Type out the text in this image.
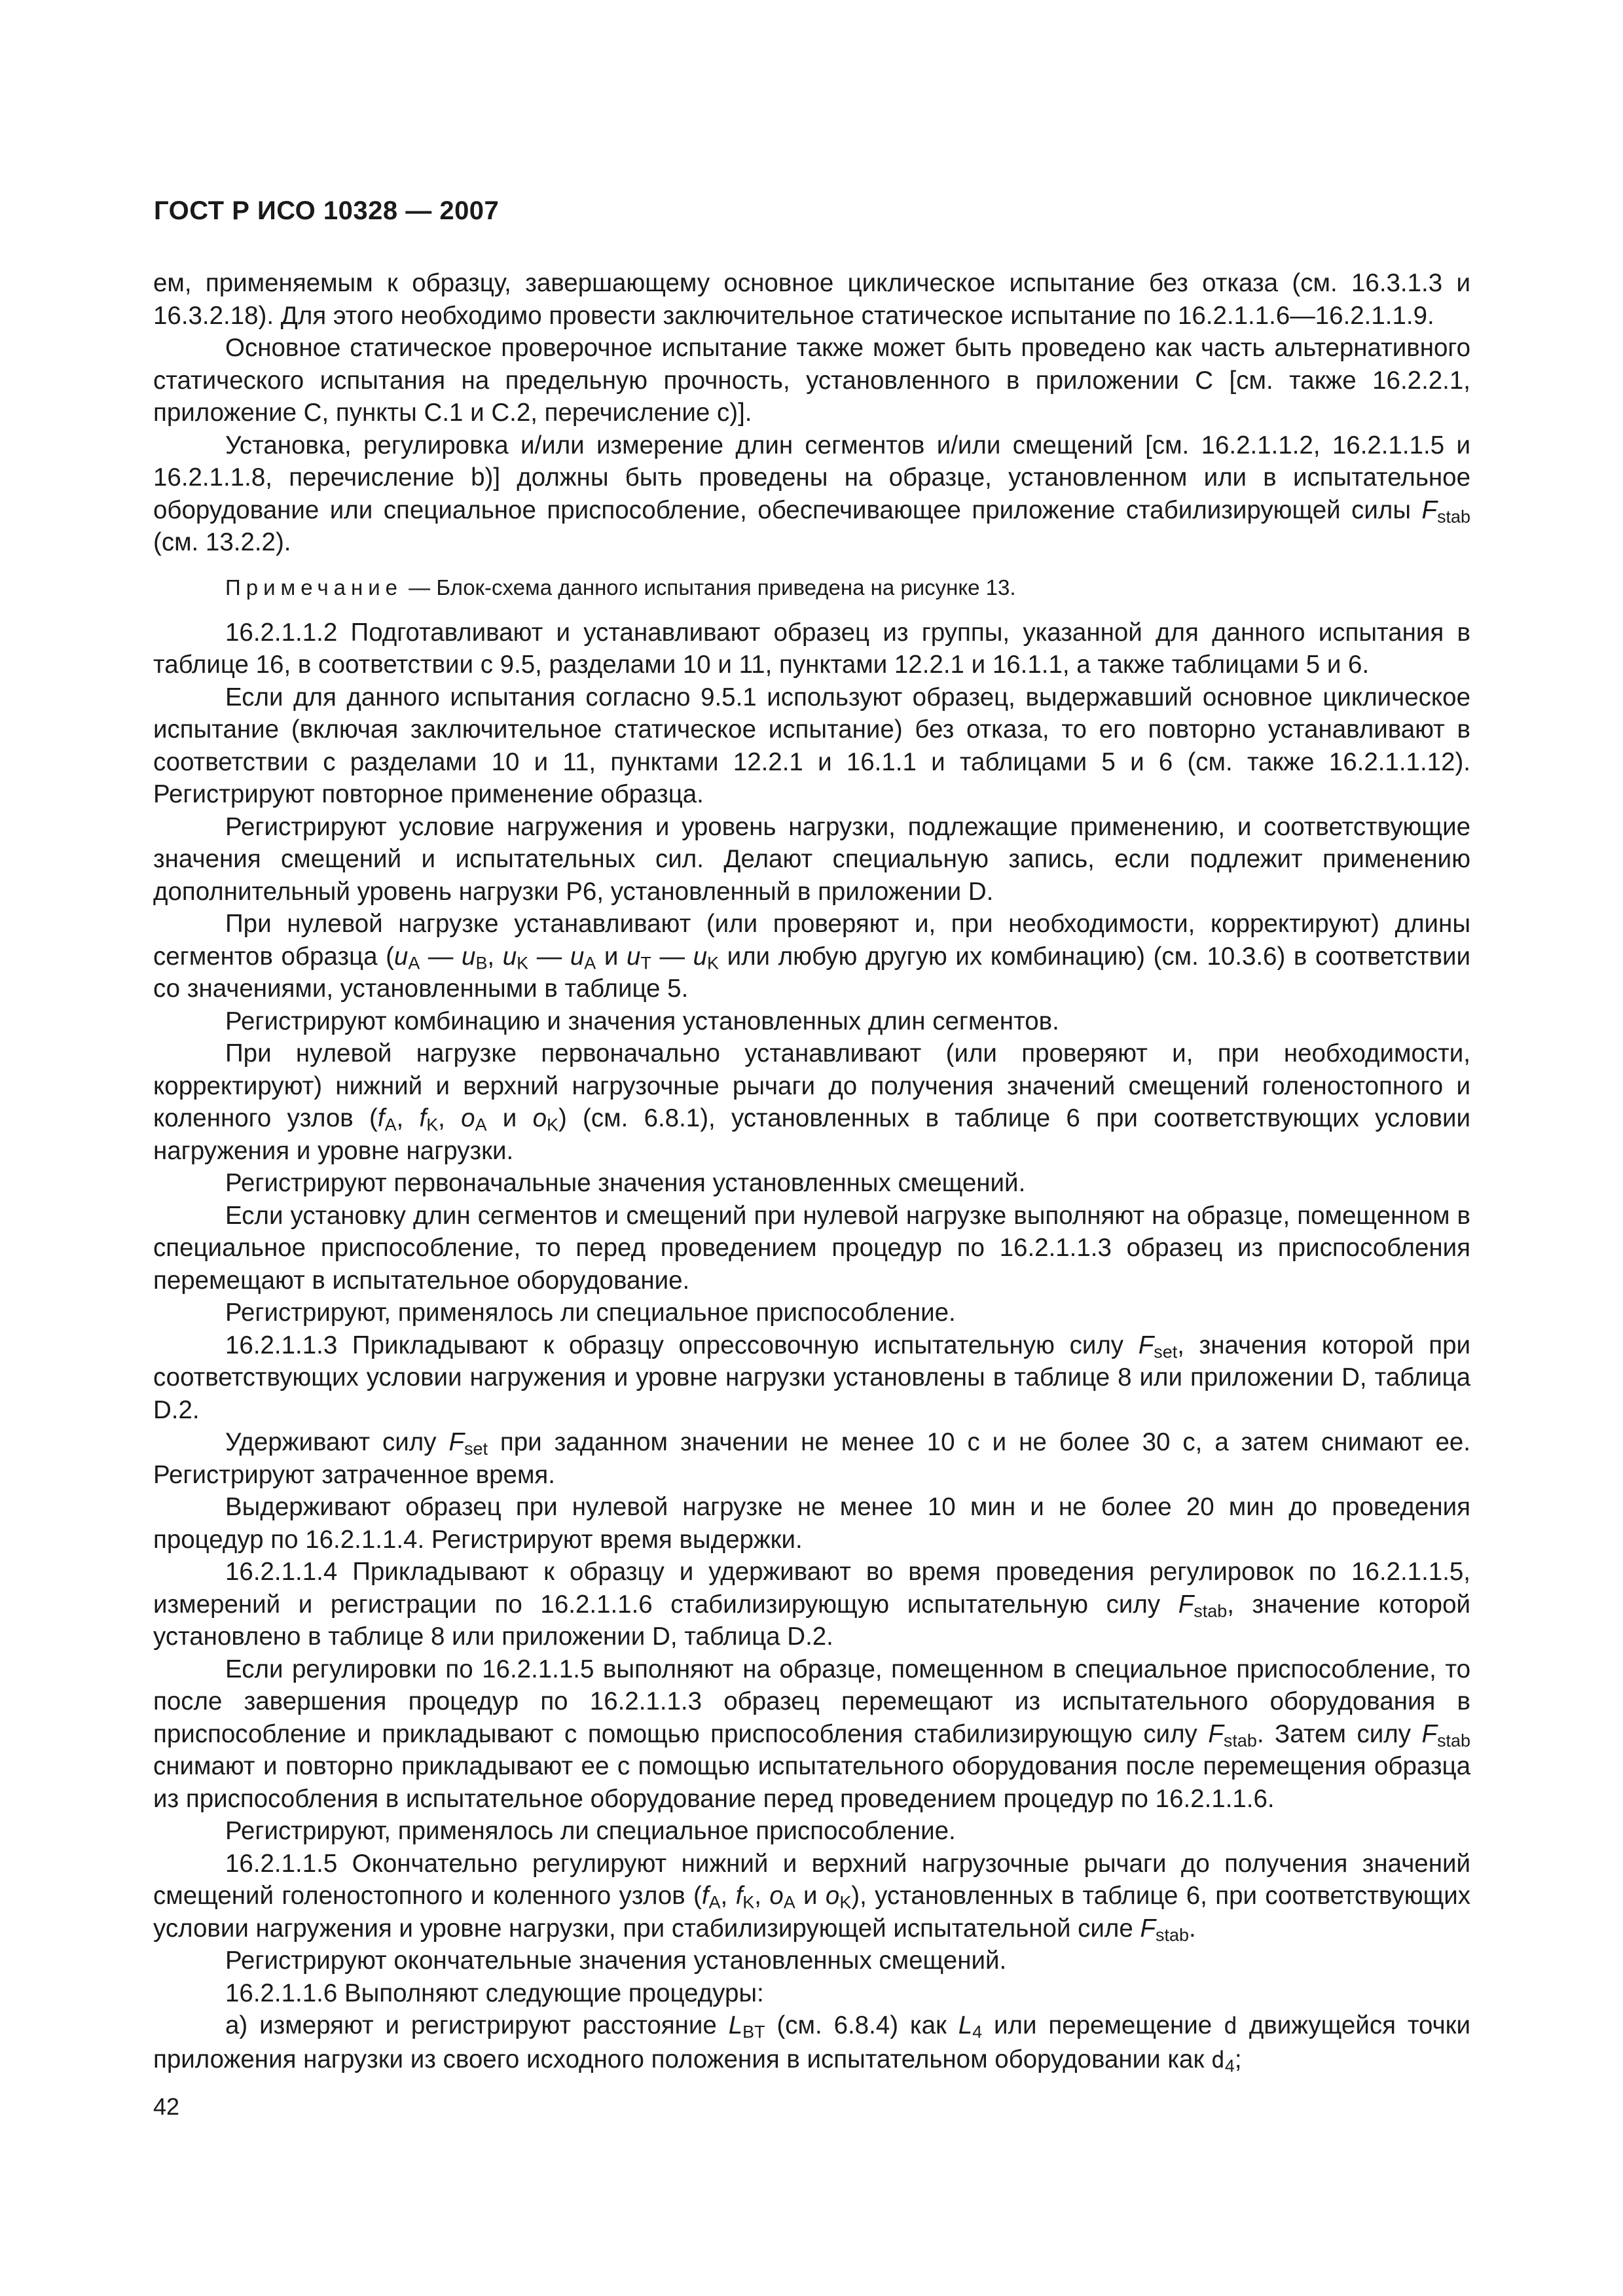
ГОСТ Р ИСО 10328 — 2007

ем, применяемым к образцу, завершающему основное циклическое испытание без отказа (см. 16.3.1.3 и 16.3.2.18). Для этого необходимо провести заключительное статическое испытание по 16.2.1.1.6—16.2.1.1.9.

Основное статическое проверочное испытание также может быть проведено как часть альтернативного статического испытания на предельную прочность, установленного в приложении С [см. также 16.2.2.1, приложение С, пункты С.1 и С.2, перечисление с)].

Установка, регулировка и/или измерение длин сегментов и/или смещений [см. 16.2.1.1.2, 16.2.1.1.5 и 16.2.1.1.8, перечисление b)] должны быть проведены на образце, установленном или в испытательное оборудование или специальное приспособление, обеспечивающее приложение стабилизирующей силы $F_{stab}$ (см. 13.2.2).

Примечание — Блок-схема данного испытания приведена на рисунке 13.

16.2.1.1.2 Подготавливают и устанавливают образец из группы, указанной для данного испытания в таблице 16, в соответствии с 9.5, разделами 10 и 11, пунктами 12.2.1 и 16.1.1, а также таблицами 5 и 6.

Если для данного испытания согласно 9.5.1 используют образец, выдержавший основное циклическое испытание (включая заключительное статическое испытание) без отказа, то его повторно устанавливают в соответствии с разделами 10 и 11, пунктами 12.2.1 и 16.1.1 и таблицами 5 и 6 (см. также 16.2.1.1.12). Регистрируют повторное применение образца.

Регистрируют условие нагружения и уровень нагрузки, подлежащие применению, и соответствующие значения смещений и испытательных сил. Делают специальную запись, если подлежит применению дополнительный уровень нагрузки Р6, установленный в приложении D.

При нулевой нагрузке устанавливают (или проверяют и, при необходимости, корректируют) длины сегментов образца ($u_A$ — $u_B$, $u_K$ — $u_A$ и $u_T$ — $u_K$ или любую другую их комбинацию) (см. 10.3.6) в соответствии со значениями, установленными в таблице 5.

Регистрируют комбинацию и значения установленных длин сегментов.

При нулевой нагрузке первоначально устанавливают (или проверяют и, при необходимости, корректируют) нижний и верхний нагрузочные рычаги до получения значений смещений голеностопного и коленного узлов ($f_A$, $f_K$, $o_A$ и $o_K$) (см. 6.8.1), установленных в таблице 6 при соответствующих условии нагружения и уровне нагрузки.

Регистрируют первоначальные значения установленных смещений.

Если установку длин сегментов и смещений при нулевой нагрузке выполняют на образце, помещенном в специальное приспособление, то перед проведением процедур по 16.2.1.1.3 образец из приспособления перемещают в испытательное оборудование.

Регистрируют, применялось ли специальное приспособление.

16.2.1.1.3 Прикладывают к образцу опрессовочную испытательную силу $F_{set}$, значения которой при соответствующих условии нагружения и уровне нагрузки установлены в таблице 8 или приложении D, таблица D.2.

Удерживают силу $F_{set}$ при заданном значении не менее 10 с и не более 30 с, а затем снимают ее. Регистрируют затраченное время.

Выдерживают образец при нулевой нагрузке не менее 10 мин и не более 20 мин до проведения процедур по 16.2.1.1.4. Регистрируют время выдержки.

16.2.1.1.4 Прикладывают к образцу и удерживают во время проведения регулировок по 16.2.1.1.5, измерений и регистрации по 16.2.1.1.6 стабилизирующую испытательную силу $F_{stab}$, значение которой установлено в таблице 8 или приложении D, таблица D.2.

Если регулировки по 16.2.1.1.5 выполняют на образце, помещенном в специальное приспособление, то после завершения процедур по 16.2.1.1.3 образец перемещают из испытательного оборудования в приспособление и прикладывают с помощью приспособления стабилизирующую силу $F_{stab}$. Затем силу $F_{stab}$ снимают и повторно прикладывают ее с помощью испытательного оборудования после перемещения образца из приспособления в испытательное оборудование перед проведением процедур по 16.2.1.1.6.

Регистрируют, применялось ли специальное приспособление.

16.2.1.1.5 Окончательно регулируют нижний и верхний нагрузочные рычаги до получения значений смещений голеностопного и коленного узлов ($f_A$, $f_K$, $o_A$ и $o_K$), установленных в таблице 6, при соответствующих условии нагружения и уровне нагрузки, при стабилизирующей испытательной силе $F_{stab}$.

Регистрируют окончательные значения установленных смещений.

16.2.1.1.6 Выполняют следующие процедуры:

а) измеряют и регистрируют расстояние $L_{BT}$ (см. 6.8.4) как $L_4$ или перемещение d движущейся точки приложения нагрузки из своего исходного положения в испытательном оборудовании как $d_4$;

42
